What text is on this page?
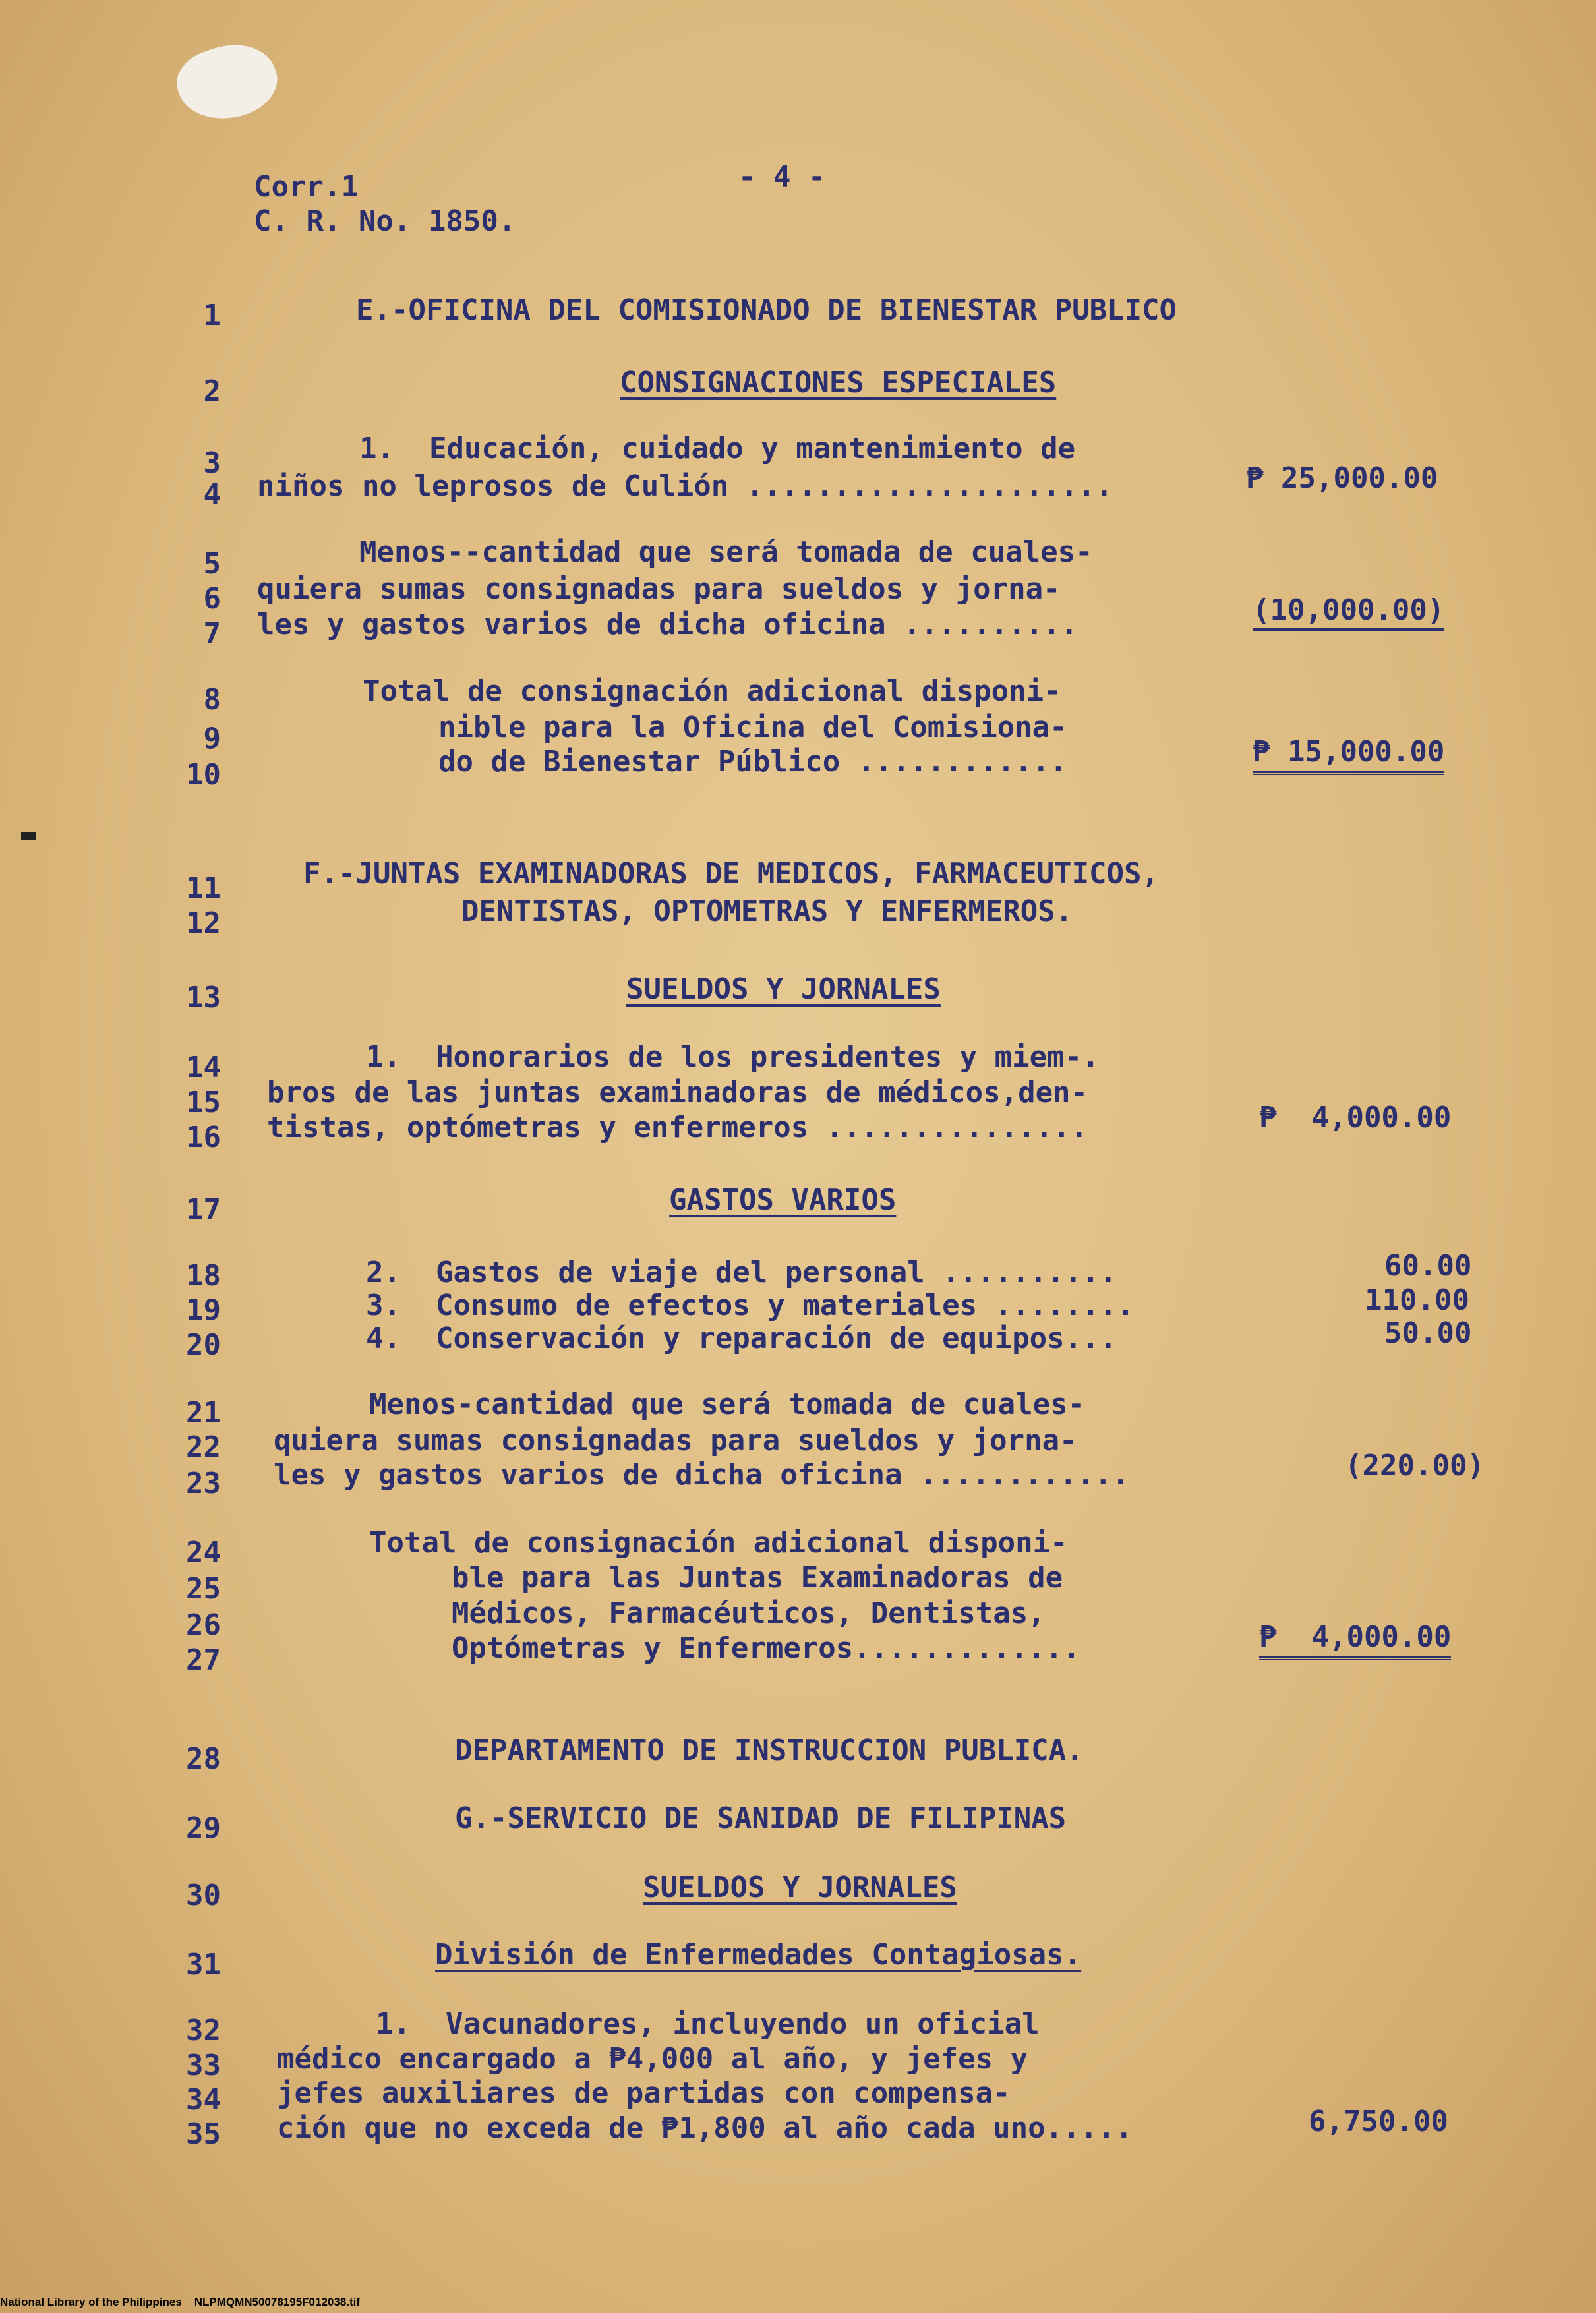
Corr.1
C. R. No. 1850.
- 4 -
1
2
3
4
5
6
7
8
9
10
11
12
13
14
15
16
17
18
19
20
21
22
23
24
25
26
27
28
29
30
31
32
33
34
35
E.-OFICINA DEL COMISIONADO DE BIENESTAR PUBLICO
CONSIGNACIONES ESPECIALES
1.  Educación, cuidado y mantenimiento de
niños no leprosos de Culión .....................	₱ 25,000.00
Menos--cantidad que será tomada de cuales-
quiera sumas consignadas para sueldos y jorna-
les y gastos varios de dicha oficina ..........	(10,000.00)
Total de consignación adicional disponi-
nible para la Oficina del Comisiona-
do de Bienestar Público ............	₱ 15,000.00
F.-JUNTAS EXAMINADORAS DE MEDICOS, FARMACEUTICOS,
DENTISTAS, OPTOMETRAS Y ENFERMEROS.
SUELDOS Y JORNALES
1.  Honorarios de los presidentes y miem-.
bros de las juntas examinadoras de médicos,den-
tistas, optómetras y enfermeros ...............	₱  4,000.00
GASTOS VARIOS
2.  Gastos de viaje del personal ..........	60.00
3.  Consumo de efectos y materiales ........	110.00
4.  Conservación y reparación de equipos...	50.00
Menos-cantidad que será tomada de cuales-
quiera sumas consignadas para sueldos y jorna-
les y gastos varios de dicha oficina ............	(220.00)
Total de consignación adicional disponi-
ble para las Juntas Examinadoras de
Médicos, Farmacéuticos, Dentistas,
Optómetras y Enfermeros.............	₱  4,000.00
DEPARTAMENTO DE INSTRUCCION PUBLICA.
G.-SERVICIO DE SANIDAD DE FILIPINAS
SUELDOS Y JORNALES
División de Enfermedades Contagiosas.
1.  Vacunadores, incluyendo un oficial
médico encargado a ₱4,000 al año, y jefes y
jefes auxiliares de partidas con compensa-
ción que no exceda de ₱1,800 al año cada uno.....	6,750.00
National Library of the Philippines    NLPMQMN50078195F012038.tif
